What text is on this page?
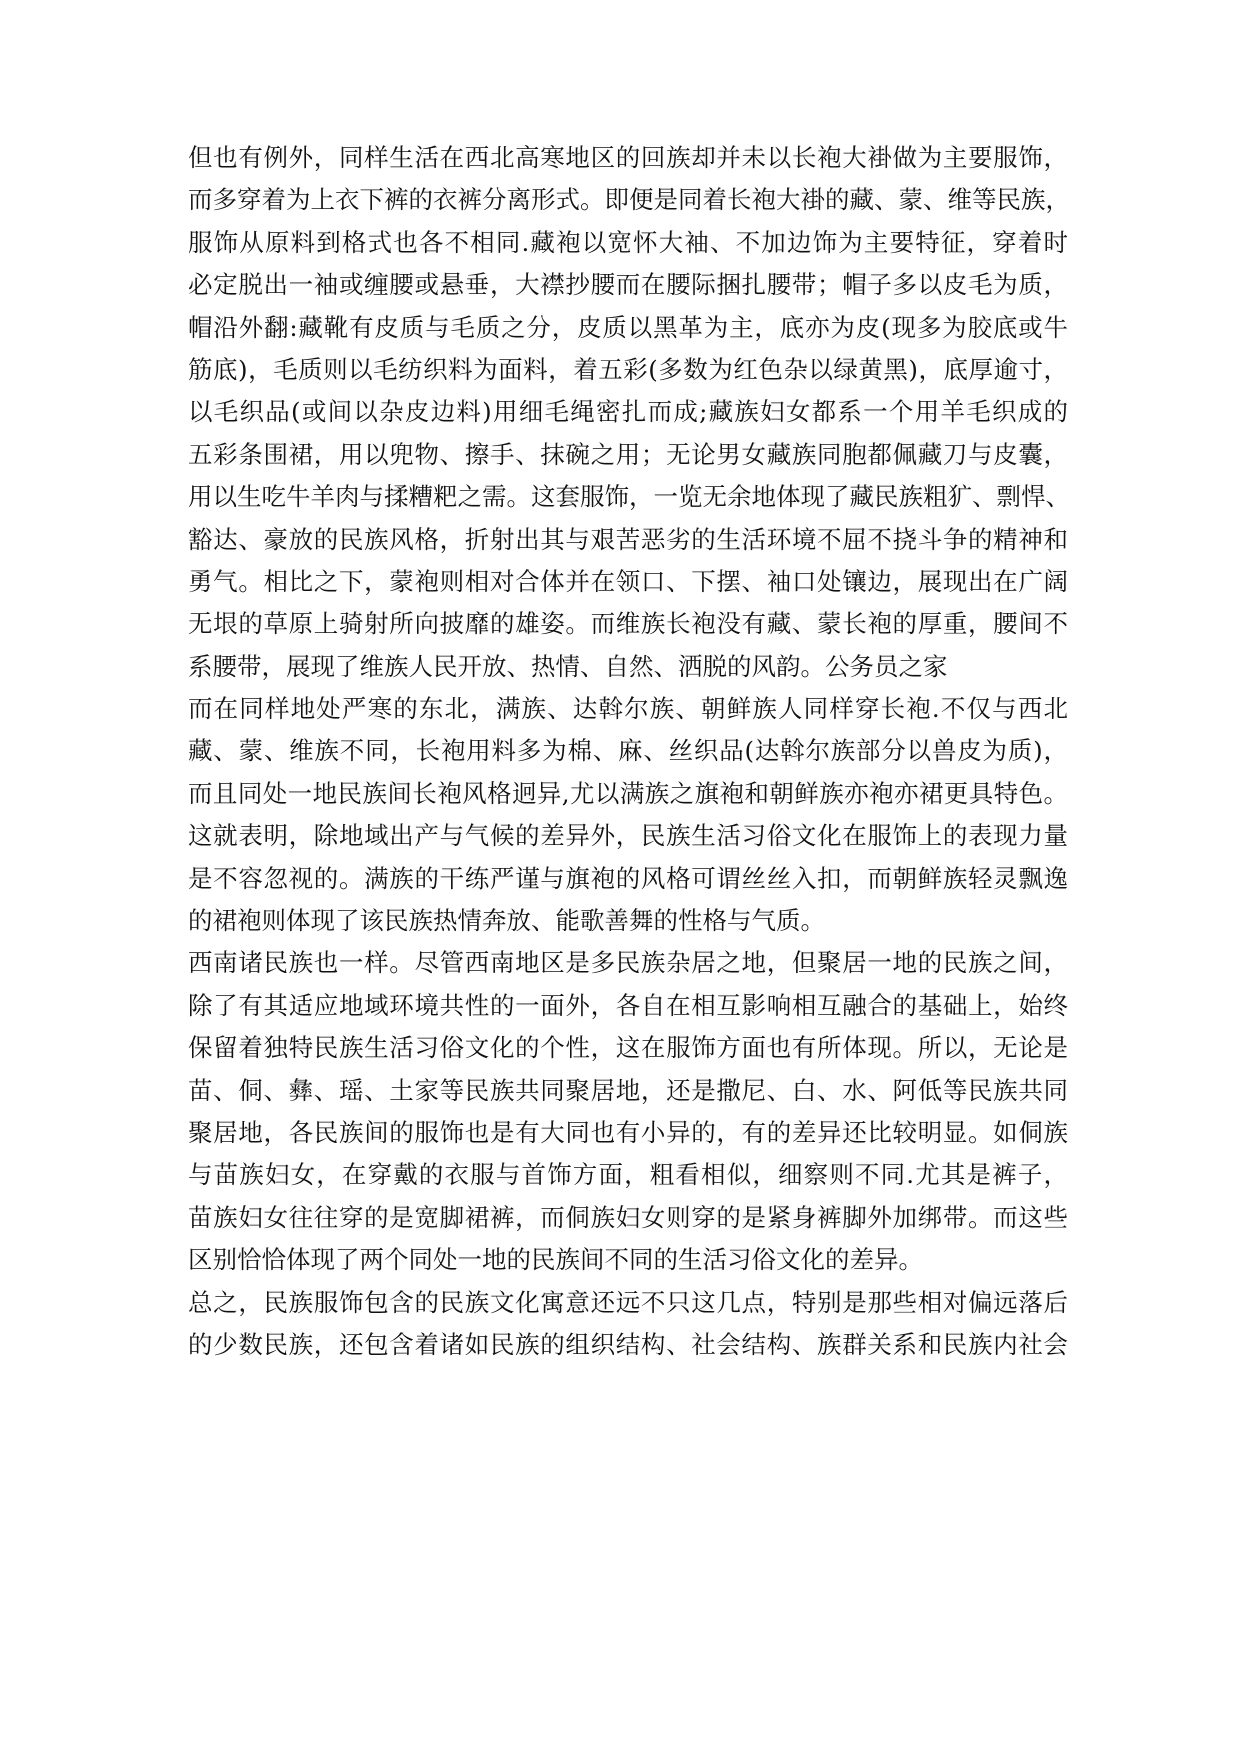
但也有例外，同样生活在西北高寒地区的回族却并未以长袍大褂做为主要服饰，
而多穿着为上衣下裤的衣裤分离形式。即便是同着长袍大褂的藏、蒙、维等民族，
服饰从原料到格式也各不相同.藏袍以宽怀大袖、不加边饰为主要特征，穿着时
必定脱出一袖或缠腰或悬垂，大襟抄腰而在腰际捆扎腰带；帽子多以皮毛为质，
帽沿外翻:藏靴有皮质与毛质之分，皮质以黑革为主，底亦为皮(现多为胶底或牛
筋底)，毛质则以毛纺织料为面料，着五彩(多数为红色杂以绿黄黑)，底厚逾寸，
以毛织品(或间以杂皮边料)用细毛绳密扎而成;藏族妇女都系一个用羊毛织成的
五彩条围裙，用以兜物、擦手、抹碗之用；无论男女藏族同胞都佩藏刀与皮囊，
用以生吃牛羊肉与揉糟粑之需。这套服饰，一览无余地体现了藏民族粗犷、剽悍、
豁达、豪放的民族风格，折射出其与艰苦恶劣的生活环境不屈不挠斗争的精神和
勇气。相比之下，蒙袍则相对合体并在领口、下摆、袖口处镶边，展现出在广阔
无垠的草原上骑射所向披靡的雄姿。而维族长袍没有藏、蒙长袍的厚重，腰间不
系腰带，展现了维族人民开放、热情、自然、洒脱的风韵。公务员之家
而在同样地处严寒的东北，满族、达斡尔族、朝鲜族人同样穿长袍.不仅与西北
藏、蒙、维族不同，长袍用料多为棉、麻、丝织品(达斡尔族部分以兽皮为质)，
而且同处一地民族间长袍风格迥异,尤以满族之旗袍和朝鲜族亦袍亦裙更具特色。
这就表明，除地域出产与气候的差异外，民族生活习俗文化在服饰上的表现力量
是不容忽视的。满族的干练严谨与旗袍的风格可谓丝丝入扣，而朝鲜族轻灵飘逸
的裙袍则体现了该民族热情奔放、能歌善舞的性格与气质。
西南诸民族也一样。尽管西南地区是多民族杂居之地，但聚居一地的民族之间，
除了有其适应地域环境共性的一面外，各自在相互影响相互融合的基础上，始终
保留着独特民族生活习俗文化的个性，这在服饰方面也有所体现。所以，无论是
苗、侗、彝、瑶、土家等民族共同聚居地，还是撒尼、白、水、阿低等民族共同
聚居地，各民族间的服饰也是有大同也有小异的，有的差异还比较明显。如侗族
与苗族妇女，在穿戴的衣服与首饰方面，粗看相似，细察则不同.尤其是裤子，
苗族妇女往往穿的是宽脚裙裤，而侗族妇女则穿的是紧身裤脚外加绑带。而这些
区别恰恰体现了两个同处一地的民族间不同的生活习俗文化的差异。
总之，民族服饰包含的民族文化寓意还远不只这几点，特别是那些相对偏远落后
的少数民族，还包含着诸如民族的组织结构、社会结构、族群关系和民族内社会
